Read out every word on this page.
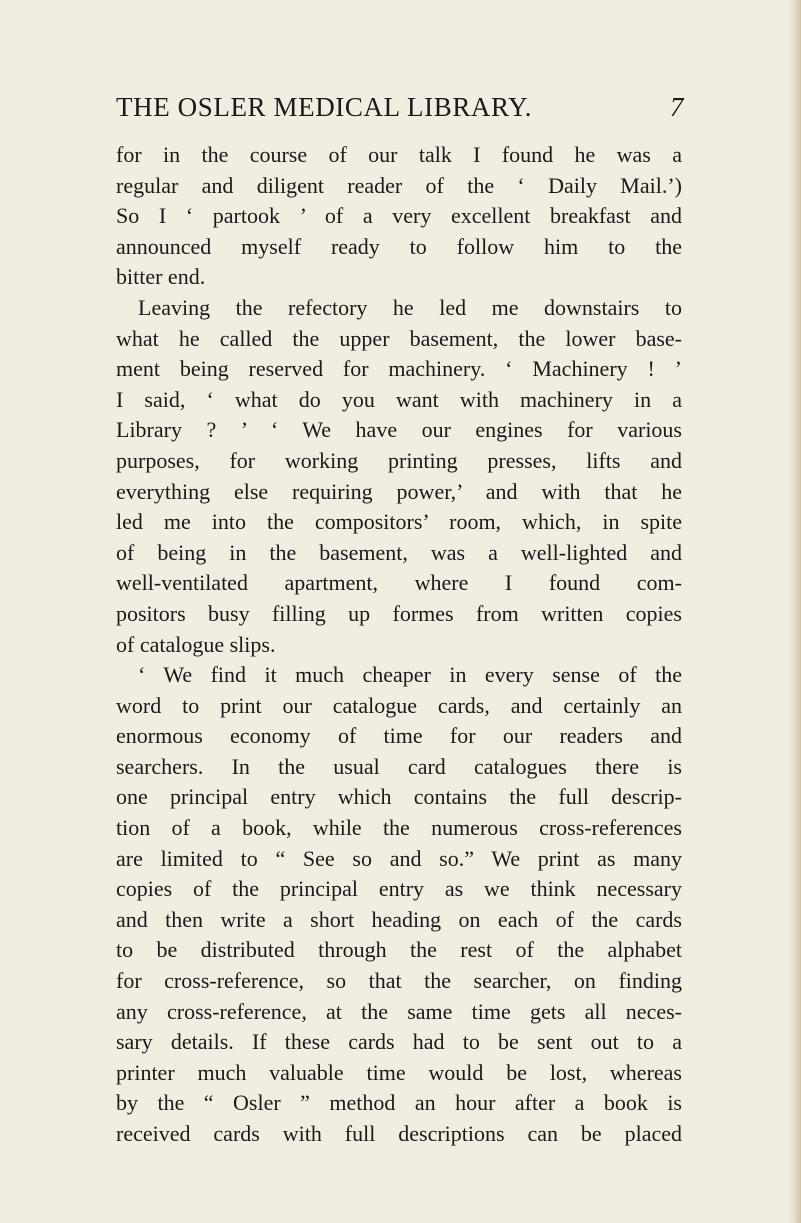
THE OSLER MEDICAL LIBRARY.	7
for in the course of our talk I found he was a
regular and diligent reader of the ‘ Daily Mail.’)
So I ‘ partook ’ of a very excellent breakfast and
announced myself ready to follow him to the
bitter end.
Leaving the refectory he led me downstairs to
what he called the upper basement, the lower base-
ment being reserved for machinery. ‘ Machinery ! ’
I said, ‘ what do you want with machinery in a
Library ? ’ ‘ We have our engines for various
purposes, for working printing presses, lifts and
everything else requiring power,’ and with that he
led me into the compositors’ room, which, in spite
of being in the basement, was a well-lighted and
well-ventilated apartment, where I found com-
positors busy filling up formes from written copies
of catalogue slips.
‘ We find it much cheaper in every sense of the
word to print our catalogue cards, and certainly an
enormous economy of time for our readers and
searchers. In the usual card catalogues there is
one principal entry which contains the full descrip-
tion of a book, while the numerous cross-references
are limited to “ See so and so.” We print as many
copies of the principal entry as we think necessary
and then write a short heading on each of the cards
to be distributed through the rest of the alphabet
for cross-reference, so that the searcher, on finding
any cross-reference, at the same time gets all neces-
sary details. If these cards had to be sent out to a
printer much valuable time would be lost, whereas
by the “ Osler ” method an hour after a book is
received cards with full descriptions can be placed
